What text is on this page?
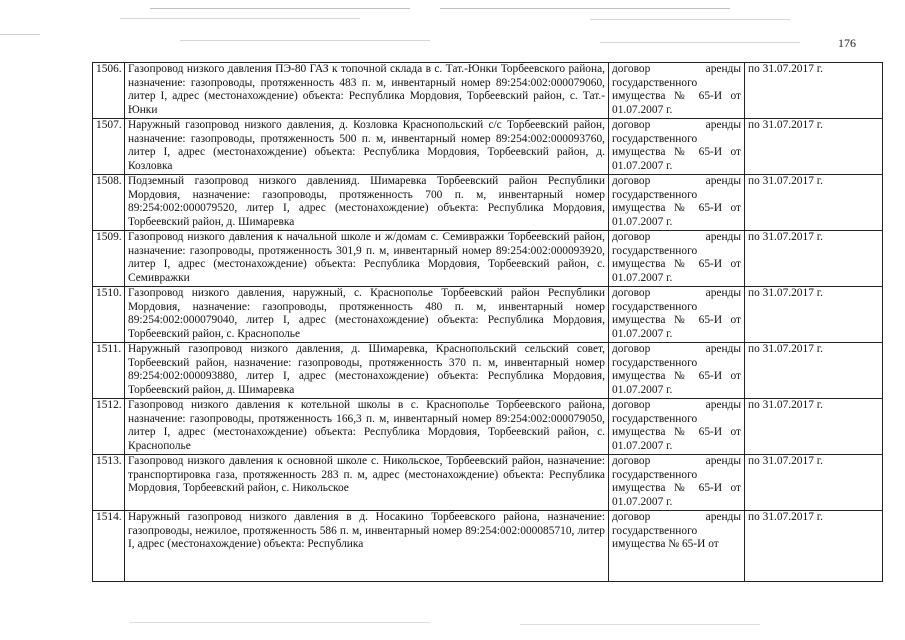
176
1506.	Газопровод низкого давления ПЭ-80 ГАЗ к топочной склада в с. Тат.-Юнки Торбеевского района, назначение: газопроводы, протяженность 483 п. м, инвентарный номер 89:254:002:000079060, литер I, адрес (местонахождение) объекта: Республика Мордовия, Торбеевский район, с. Тат.-Юнки	договор аренды государственного имущества № 65-И от 01.07.2007 г.	по 31.07.2017 г.
1507.	Наружный газопровод низкого давления, д. Козловка Краснопольский с/с Торбеевский район, назначение: газопроводы, протяженность 500 п. м, инвентарный номер 89:254:002:000093760, литер I, адрес (местонахождение) объекта: Республика Мордовия, Торбеевский район, д. Козловка	договор аренды государственного имущества № 65-И от 01.07.2007 г.	по 31.07.2017 г.
1508.	Подземный газопровод низкого давленияд. Шимаревка Торбеевский район Республики Мордовия, назначение: газопроводы, протяженность 700 п. м, инвентарный номер 89:254:002:000079520, литер I, адрес (местонахождение) объекта: Республика Мордовия, Торбеевский район, д. Шимаревка	договор аренды государственного имущества № 65-И от 01.07.2007 г.	по 31.07.2017 г.
1509.	Газопровод низкого давления к начальной школе и ж/домам с. Семивражки Торбеевский район, назначение: газопроводы, протяженность 301,9 п. м, инвентарный номер 89:254:002:000093920, литер I, адрес (местонахождение) объекта: Республика Мордовия, Торбеевский район, с. Семивражки	договор аренды государственного имущества № 65-И от 01.07.2007 г.	по 31.07.2017 г.
1510.	Газопровод низкого давления, наружный, с. Краснополье Торбеевский район Республики Мордовия, назначение: газопроводы, протяженность 480 п. м, инвентарный номер 89:254:002:000079040, литер I, адрес (местонахождение) объекта: Республика Мордовия, Торбеевский район, с. Краснополье	договор аренды государственного имущества № 65-И от 01.07.2007 г.	по 31.07.2017 г.
1511.	Наружный газопровод низкого давления, д. Шимаревка, Краснопольский сельский совет, Торбеевский район, назначение: газопроводы, протяженность 370 п. м, инвентарный номер 89:254:002:000093880, литер I, адрес (местонахождение) объекта: Республика Мордовия, Торбеевский район, д. Шимаревка	договор аренды государственного имущества № 65-И от 01.07.2007 г.	по 31.07.2017 г.
1512.	Газопровод низкого давления к котельной школы в с. Краснополье Торбеевского района, назначение: газопроводы, протяженность 166,3 п. м, инвентарный номер 89:254:002:000079050, литер I, адрес (местонахождение) объекта: Республика Мордовия, Торбеевский район, с. Краснополье	договор аренды государственного имущества № 65-И от 01.07.2007 г.	по 31.07.2017 г.
1513.	Газопровод низкого давления к основной школе с. Никольское, Торбеевский район, назначение: транспортировка газа, протяженность 283 п. м, адрес (местонахождение) объекта: Республика Мордовия, Торбеевский район, с. Никольское	договор аренды государственного имущества № 65-И от 01.07.2007 г.	по 31.07.2017 г.
1514.	Наружный газопровод низкого давления в д. Носакино Торбеевского района, назначение: газопроводы, нежилое, протяженность 586 п. м, инвентарный номер 89:254:002:000085710, литер I, адрес (местонахождение) объекта: Республика	договор аренды государственного имущества № 65-И от	по 31.07.2017 г.
